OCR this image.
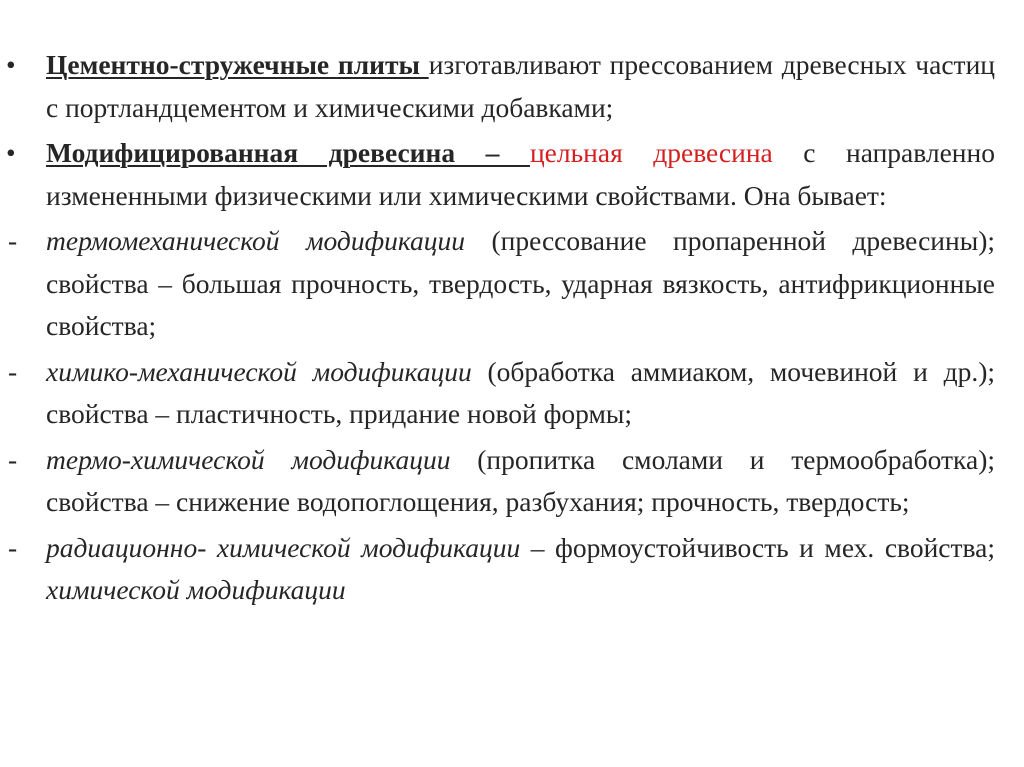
•	Цементно-стружечные плиты изготавливают прессованием древесных частиц с портландцементом и химическими добавками;
•	Модифицированная древесина – цельная древесина с направленно измененными физическими или химическими свойствами. Она бывает:
-	термомеханической модификации (прессование пропаренной древесины); свойства – большая прочность, твердость, ударная вязкость, антифрикционные свойства;
-	химико-механической модификации (обработка аммиаком, мочевиной и др.); свойства – пластичность, придание новой формы;
-	термо-химической модификации (пропитка смолами и термообработка); свойства – снижение водопоглощения, разбухания; прочность, твердость;
-	радиационно- химической модификации – формоустойчивость и мех. свойства; химической модификации
